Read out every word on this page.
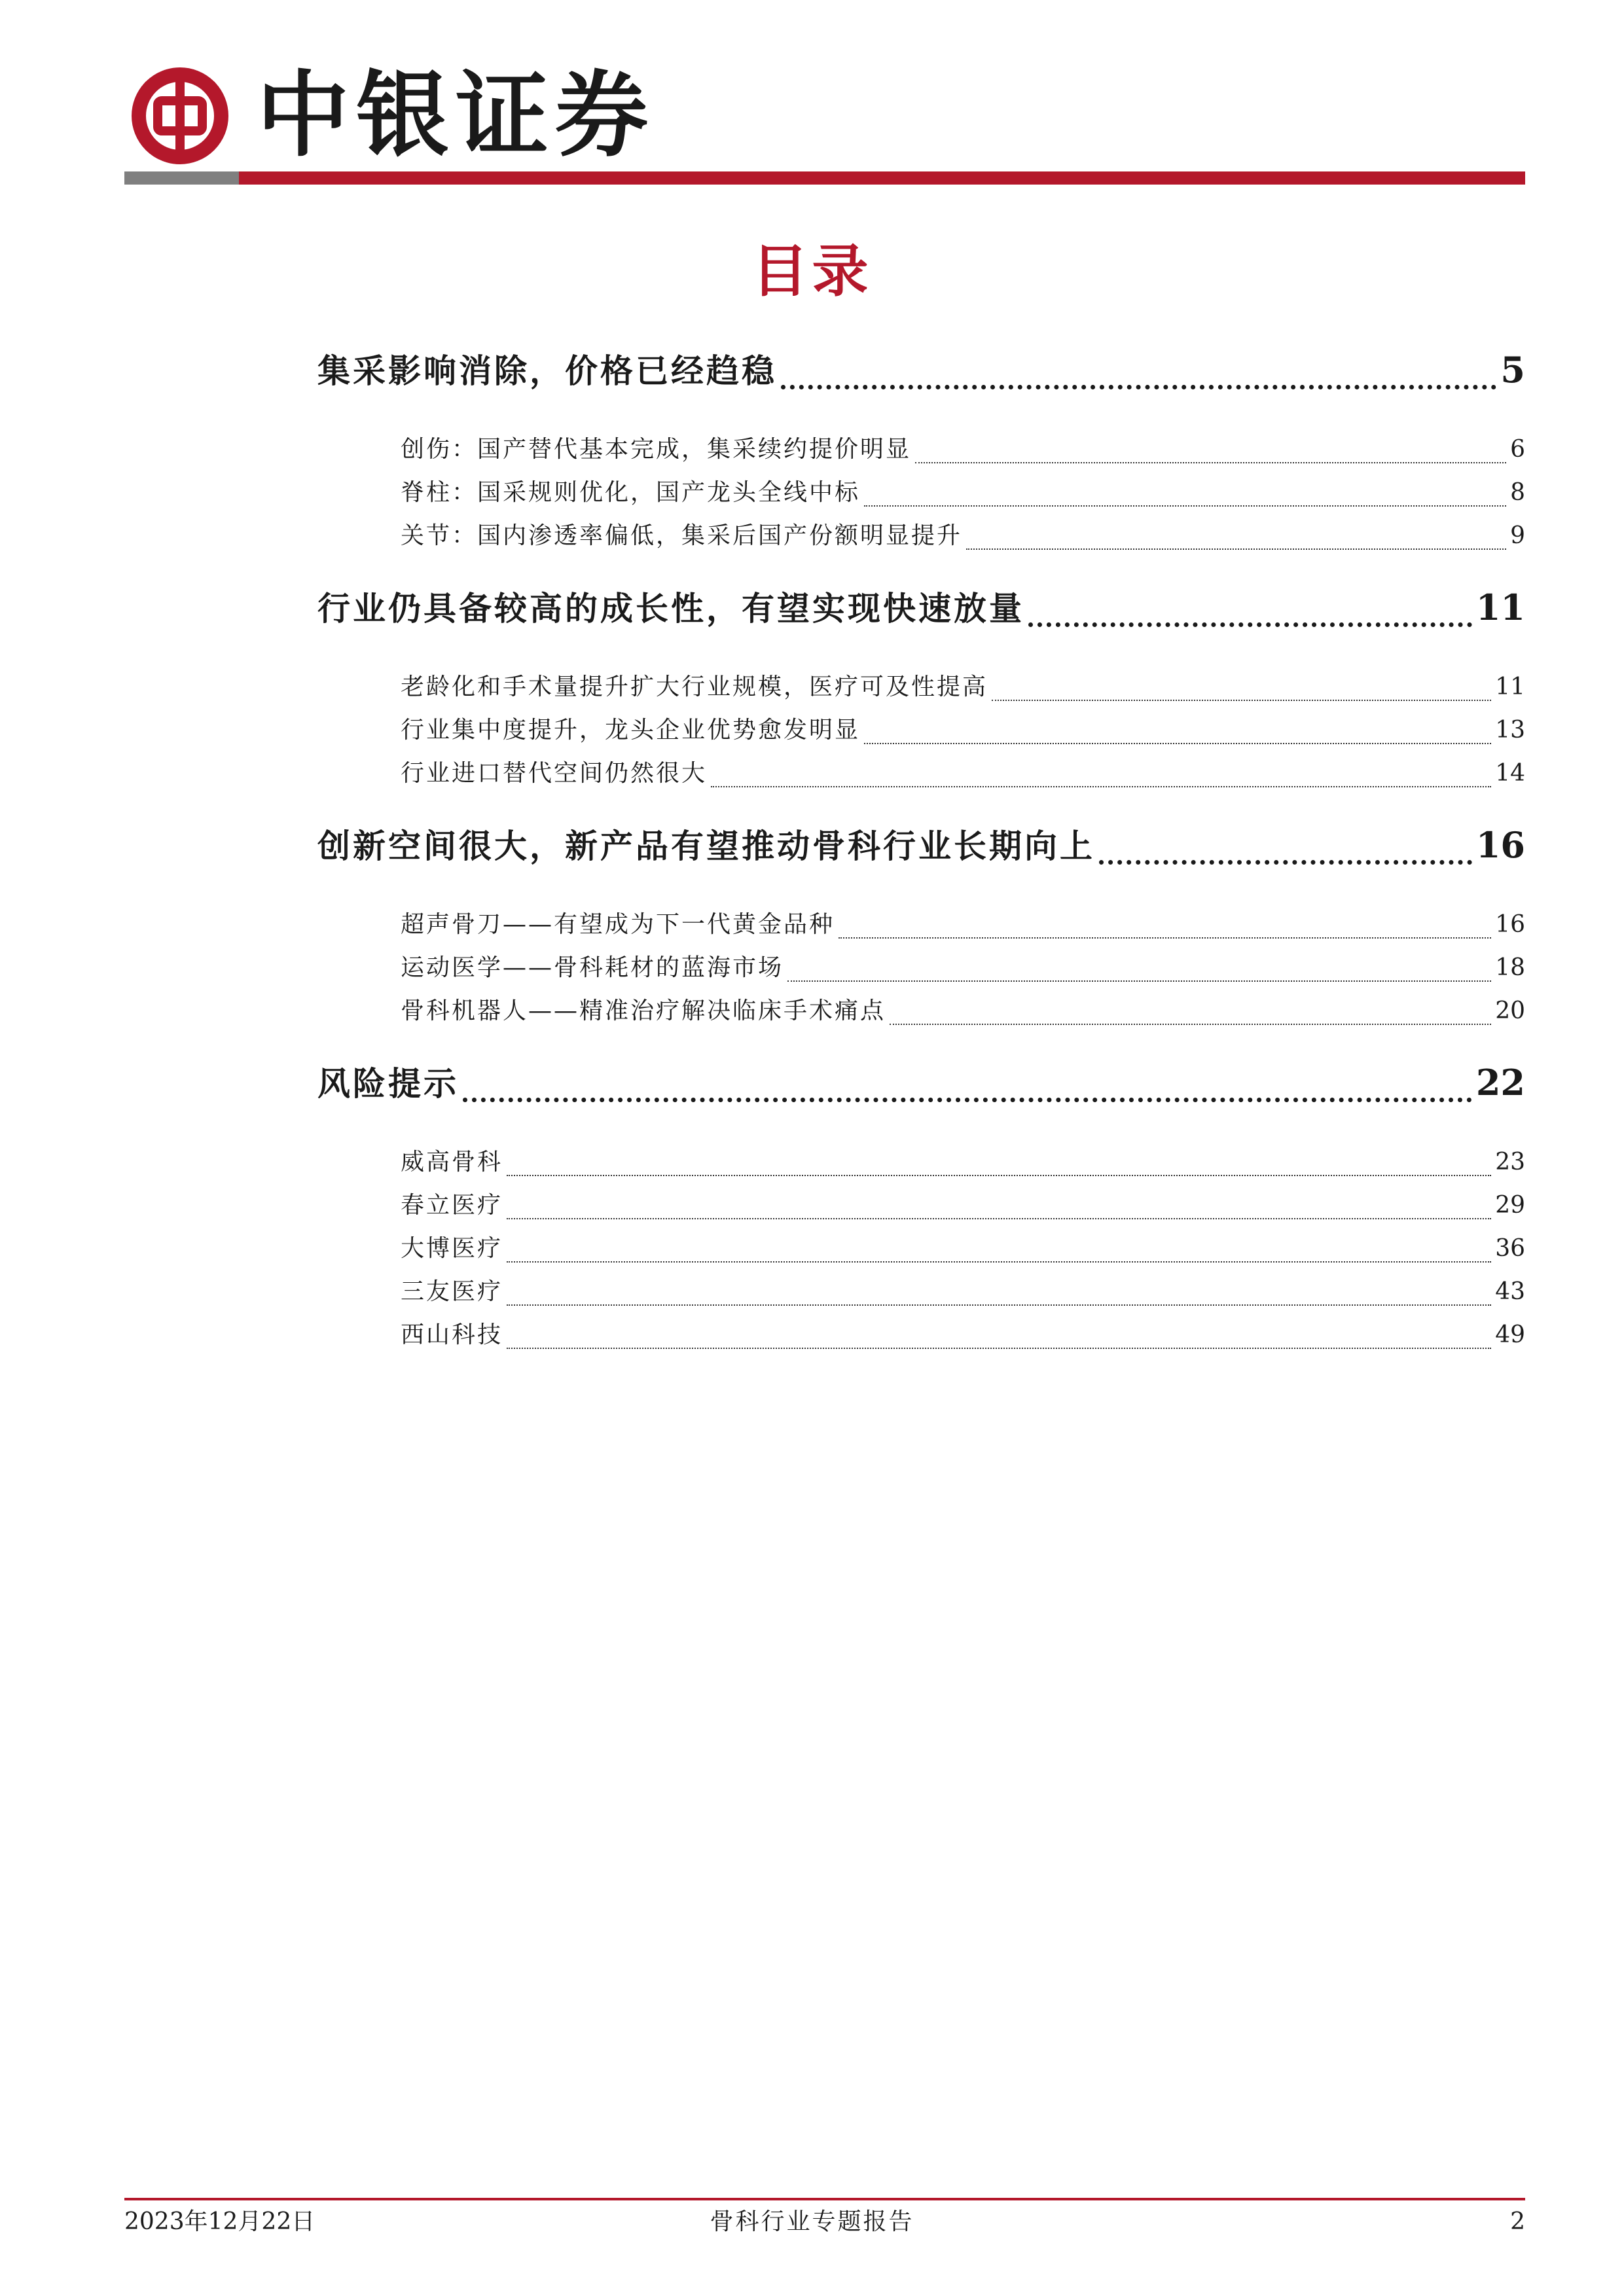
中银证券
目录
集采影响消除，价格已经趋稳	5
创伤：国产替代基本完成，集采续约提价明显	6
脊柱：国采规则优化，国产龙头全线中标	8
关节：国内渗透率偏低，集采后国产份额明显提升	9
行业仍具备较高的成长性，有望实现快速放量	11
老龄化和手术量提升扩大行业规模，医疗可及性提高	11
行业集中度提升，龙头企业优势愈发明显	13
行业进口替代空间仍然很大	14
创新空间很大，新产品有望推动骨科行业长期向上	16
超声骨刀——有望成为下一代黄金品种	16
运动医学——骨科耗材的蓝海市场	18
骨科机器人——精准治疗解决临床手术痛点	20
风险提示	22
威高骨科	23
春立医疗	29
大博医疗	36
三友医疗	43
西山科技	49
2023年12月22日	骨科行业专题报告	2
